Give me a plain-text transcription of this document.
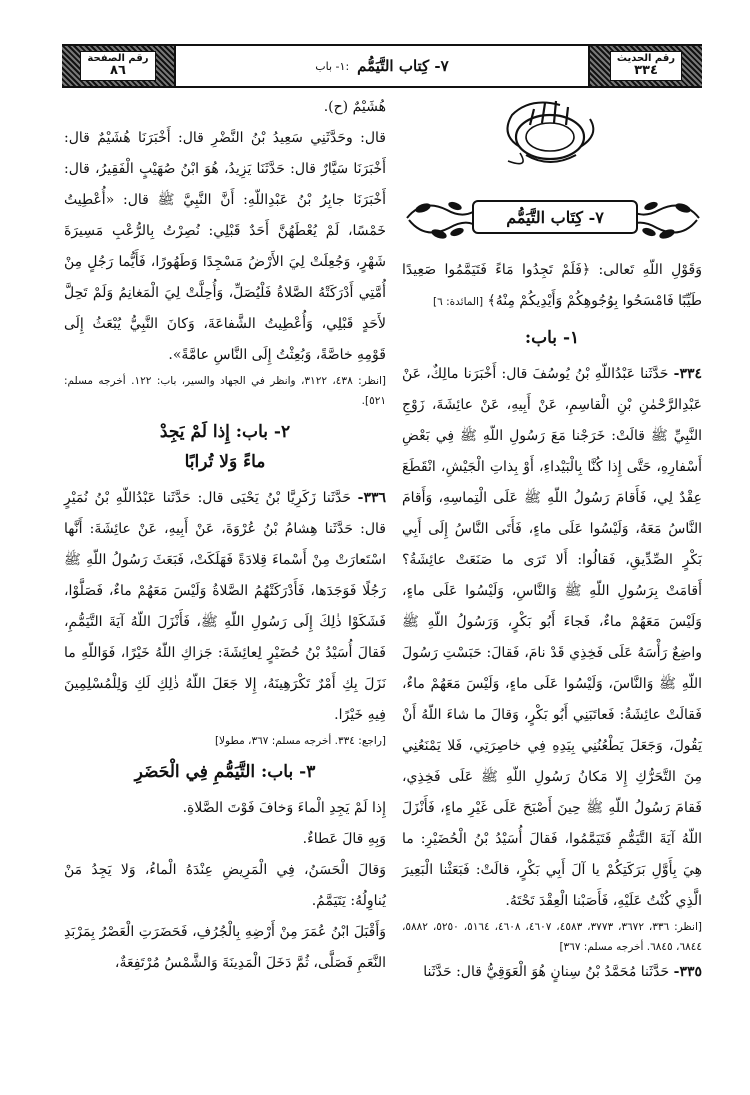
رقم الصفحة
٨٦	١- باب: ٧- كِتاب التَّيَمُّم	رقم الحديث
٣٣٤
٧- كِتَاب التَّيَمُّم

وَقَوْلِ اللّهِ تَعالى: ﴿فَلَمْ تَجِدُوا مَاءً فَتَيَمَّمُوا صَعِيدًا طَيِّبًا فَامْسَحُوا بِوُجُوهِكُمْ وَأَيْدِيكُمْ مِنْهُ﴾ [المائدة: ٦]

١- باب:

٣٣٤- حَدَّثَنا عَبْدُاللّهِ بْنُ يُوسُفَ قال: أَخْبَرَنا مالِكٌ، عَنْ عَبْدِالرَّحْمٰنِ بْنِ الْقاسِمِ، عَنْ أَبِيهِ، عَنْ عائِشَةَ، زَوْجِ النَّبِيِّ ﷺ قالَتْ: خَرَجْنا مَعَ رَسُولِ اللّهِ ﷺ فِي بَعْضِ أَسْفارِهِ، حَتَّى إِذا كُنَّا بِالْبَيْداءِ، أَوْ بِذاتِ الْجَيْشِ، انْقَطَعَ عِقْدٌ لِي، فَأَقامَ رَسُولُ اللّهِ ﷺ عَلَى الْتِماسِهِ، وَأَقامَ النَّاسُ مَعَهُ، وَلَيْسُوا عَلَى ماءٍ، فَأَتَى النَّاسُ إِلَى أَبِي بَكْرٍ الصِّدِّيقِ، فَقالُوا: أَلا تَرَى ما صَنَعَتْ عائِشَةُ؟ أَقامَتْ بِرَسُولِ اللّهِ ﷺ وَالنَّاسِ، وَلَيْسُوا عَلَى ماءٍ، وَلَيْسَ مَعَهُمْ ماءٌ، فَجاءَ أَبُو بَكْرٍ، وَرَسُولُ اللّهِ ﷺ واضِعٌ رَأْسَهُ عَلَى فَخِذِي قَدْ نامَ، فَقالَ: حَبَسْتِ رَسُولَ اللّهِ ﷺ وَالنَّاسَ، وَلَيْسُوا عَلَى ماءٍ، وَلَيْسَ مَعَهُمْ ماءٌ، فَقالَتْ عائِشَةُ: فَعاتَبَنِي أَبُو بَكْرٍ، وَقالَ ما شاءَ اللّهُ أَنْ يَقُولَ، وَجَعَلَ يَطْعُنُنِي بِيَدِهِ فِي خاصِرَتِي، فَلا يَمْنَعُنِي مِنَ التَّحَرُّكِ إِلا مَكانُ رَسُولِ اللّهِ ﷺ عَلَى فَخِذِي، فَقامَ رَسُولُ اللّهِ ﷺ حِينَ أَصْبَحَ عَلَى غَيْرِ ماءٍ، فَأَنْزَلَ اللّهُ آيَةَ التَّيَمُّمِ فَتَيَمَّمُوا، فَقالَ أُسَيْدُ بْنُ الْحُضَيْرِ: ما هِيَ بِأَوَّلِ بَرَكَتِكُمْ يا آلَ أَبِي بَكْرٍ، قالَتْ: فَبَعَثْنا الْبَعِيرَ الَّذِي كُنْتُ عَلَيْهِ، فَأَصَبْنا الْعِقْدَ تَحْتَهُ.

[انظر: ٣٣٦، ٣٦٧٢، ٣٧٧٣، ٤٥٨٣، ٤٦٠٧، ٤٦٠٨، ٥١٦٤، ٥٢٥٠، ٥٨٨٢، ٦٨٤٤، ٦٨٤٥. أخرجه مسلم: ٣٦٧]

٣٣٥- حَدَّثَنا مُحَمَّدُ بْنُ سِنانٍ هُوَ الْعَوَقِيُّ قال: حَدَّثَنا

هُشَيْمٌ (ح).

قال: وحَدَّثَنِي سَعِيدُ بْنُ النَّضْرِ قال: أَخْبَرَنَا هُشَيْمٌ قال: أَخْبَرَنَا سَيَّارٌ قال: حَدَّثَنَا يَزِيدُ، هُوَ ابْنُ صُهَيْبٍ الْفَقِيرُ، قال: أَخْبَرَنَا جابِرُ بْنُ عَبْدِاللّهِ: أَنَّ النَّبِيَّ ﷺ قال: «أُعْطِيتُ خَمْسًا، لَمْ يُعْطَهُنَّ أَحَدٌ قَبْلِي: نُصِرْتُ بِالرُّعْبِ مَسِيرَةَ شَهْرٍ، وَجُعِلَتْ لِيَ الأَرْضُ مَسْجِدًا وَطَهُورًا، فَأَيُّما رَجُلٍ مِنْ أُمَّتِي أَدْرَكَتْهُ الصَّلاةُ فَلْيُصَلِّ، وَأُحِلَّتْ لِيَ الْمَغانِمُ وَلَمْ تَحِلَّ لأَحَدٍ قَبْلِي، وَأُعْطِيتُ الشَّفاعَةَ، وَكانَ النَّبِيُّ يُبْعَثُ إِلَى قَوْمِهِ خاصَّةً، وَبُعِثْتُ إِلَى النَّاسِ عامَّةً».

[انظر: ٤٣٨، ٣١٢٢، وانظر في الجهاد والسير، باب: ١٢٢. أخرجه مسلم: ٥٢١].

٢- باب: إِذا لَمْ يَجِدْ
ماءً وَلا تُرابًا

٣٣٦- حَدَّثَنا زَكَرِيَّا بْنُ يَحْيَى قال: حَدَّثَنا عَبْدُاللّهِ بْنُ نُمَيْرٍ قال: حَدَّثَنا هِشامُ بْنُ عُرْوَةَ، عَنْ أَبِيهِ، عَنْ عائِشَةَ: أَنَّها اسْتَعارَتْ مِنْ أَسْماءَ قِلادَةً فَهَلَكَتْ، فَبَعَثَ رَسُولُ اللّهِ ﷺ رَجُلًا فَوَجَدَها، فَأَدْرَكَتْهُمُ الصَّلاةُ وَلَيْسَ مَعَهُمْ ماءٌ، فَصَلَّوْا، فَشَكَوْا ذٰلِكَ إِلَى رَسُولِ اللّهِ ﷺ، فَأَنْزَلَ اللّهُ آيَةَ التَّيَمُّمِ، فَقالَ أُسَيْدُ بْنُ حُضَيْرٍ لِعائِشَةَ: جَزاكِ اللّهُ خَيْرًا، فَوَاللّهِ ما نَزَلَ بِكِ أَمْرٌ تَكْرَهِينَهُ، إِلا جَعَلَ اللّهُ ذٰلِكِ لَكِ وَلِلْمُسْلِمِينَ فِيهِ خَيْرًا.

[راجع: ٣٣٤. أخرجه مسلم: ٣٦٧، مطولا]

٣- باب: التَّيَمُّمِ فِي الْحَضَرِ

إِذا لَمْ يَجِدِ الْماءَ وَخافَ فَوْتَ الصَّلاةِ.

وَبِهِ قالَ عَطاءٌ.

وَقالَ الْحَسَنُ، فِي الْمَرِيضِ عِنْدَهُ الْماءُ، وَلا يَجِدُ مَنْ يُناوِلُهُ: يَتَيَمَّمُ.

وَأَقْبَلَ ابْنُ عُمَرَ مِنْ أَرْضِهِ بِالْجُرُفِ، فَحَضَرَتِ الْعَصْرُ بِمَرْبَدِ النَّعَمِ فَصَلَّى، ثُمَّ دَخَلَ الْمَدِينَةَ وَالشَّمْسُ مُرْتَفِعَةٌ،
